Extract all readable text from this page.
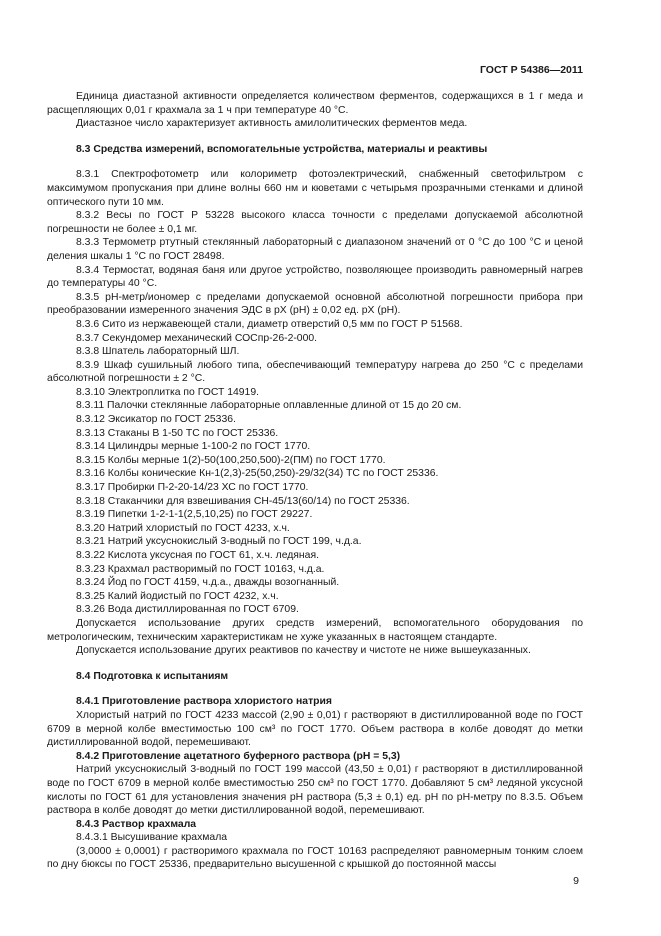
ГОСТ Р 54386—2011

Единица диастазной активности определяется количеством ферментов, содержащихся в 1 г меда и расщепляющих 0,01 г крахмала за 1 ч при температуре 40 °С.

Диастазное число характеризует активность амилолитических ферментов меда.

8.3 Средства измерений, вспомогательные устройства, материалы и реактивы

8.3.1 Спектрофотометр или колориметр фотоэлектрический, снабженный светофильтром с максимумом пропускания при длине волны 660 нм и кюветами с четырьмя прозрачными стенками и длиной оптического пути 10 мм.

8.3.2 Весы по ГОСТ Р 53228 высокого класса точности с пределами допускаемой абсолютной погрешности не более ± 0,1 мг.

8.3.3 Термометр ртутный стеклянный лабораторный с диапазоном значений от 0 °С до 100 °С и ценой деления шкалы 1 °С по ГОСТ 28498.

8.3.4 Термостат, водяная баня или другое устройство, позволяющее производить равномерный нагрев до температуры 40 °С.

8.3.5 рН-метр/иономер с пределами допускаемой основной абсолютной погрешности прибора при преобразовании измеренного значения ЭДС в рХ (рН) ± 0,02 ед. рХ (рН).

8.3.6 Сито из нержавеющей стали, диаметр отверстий 0,5 мм по ГОСТ Р 51568.

8.3.7 Секундомер механический СОСпр-26-2-000.

8.3.8 Шпатель лабораторный ШЛ.

8.3.9 Шкаф сушильный любого типа, обеспечивающий температуру нагрева до 250 °С с пределами абсолютной погрешности ± 2 °С.

8.3.10 Электроплитка по ГОСТ 14919.

8.3.11 Палочки стеклянные лабораторные оплавленные длиной от 15 до 20 см.

8.3.12 Эксикатор по ГОСТ 25336.

8.3.13 Стаканы В 1-50 ТС по ГОСТ 25336.

8.3.14 Цилиндры мерные 1-100-2 по ГОСТ 1770.

8.3.15 Колбы мерные 1(2)-50(100,250,500)-2(ПМ) по ГОСТ 1770.

8.3.16 Колбы конические Кн-1(2,3)-25(50,250)-29/32(34) ТС по ГОСТ 25336.

8.3.17 Пробирки П-2-20-14/23 ХС по ГОСТ 1770.

8.3.18 Стаканчики для взвешивания СН-45/13(60/14) по ГОСТ 25336.

8.3.19 Пипетки 1-2-1-1(2,5,10,25) по ГОСТ 29227.

8.3.20 Натрий хлористый по ГОСТ 4233, х.ч.

8.3.21 Натрий уксуснокислый 3-водный по ГОСТ 199, ч.д.а.

8.3.22 Кислота уксусная по ГОСТ 61, х.ч. ледяная.

8.3.23 Крахмал растворимый по ГОСТ 10163, ч.д.а.

8.3.24 Йод по ГОСТ 4159, ч.д.а., дважды возогнанный.

8.3.25 Калий йодистый по ГОСТ 4232, х.ч.

8.3.26 Вода дистиллированная по ГОСТ 6709.

Допускается использование других средств измерений, вспомогательного оборудования по метрологическим, техническим характеристикам не хуже указанных в настоящем стандарте.

Допускается использование других реактивов по качеству и чистоте не ниже вышеуказанных.

8.4 Подготовка к испытаниям

8.4.1 Приготовление раствора хлористого натрия

Хлористый натрий по ГОСТ 4233 массой (2,90 ± 0,01) г растворяют в дистиллированной воде по ГОСТ 6709 в мерной колбе вместимостью 100 см³ по ГОСТ 1770. Объем раствора в колбе доводят до метки дистиллированной водой, перемешивают.

8.4.2 Приготовление ацетатного буферного раствора (рН = 5,3)

Натрий уксуснокислый 3-водный по ГОСТ 199 массой (43,50 ± 0,01) г растворяют в дистиллированной воде по ГОСТ 6709 в мерной колбе вместимостью 250 см³ по ГОСТ 1770. Добавляют 5 см³ ледяной уксусной кислоты по ГОСТ 61 для установления значения рН раствора (5,3 ± 0,1) ед. рН по рН-метру по 8.3.5. Объем раствора в колбе доводят до метки дистиллированной водой, перемешивают.

8.4.3 Раствор крахмала

8.4.3.1 Высушивание крахмала

(3,0000 ± 0,0001) г растворимого крахмала по ГОСТ 10163 распределяют равномерным тонким слоем по дну бюксы по ГОСТ 25336, предварительно высушенной с крышкой до постоянной массы

9
